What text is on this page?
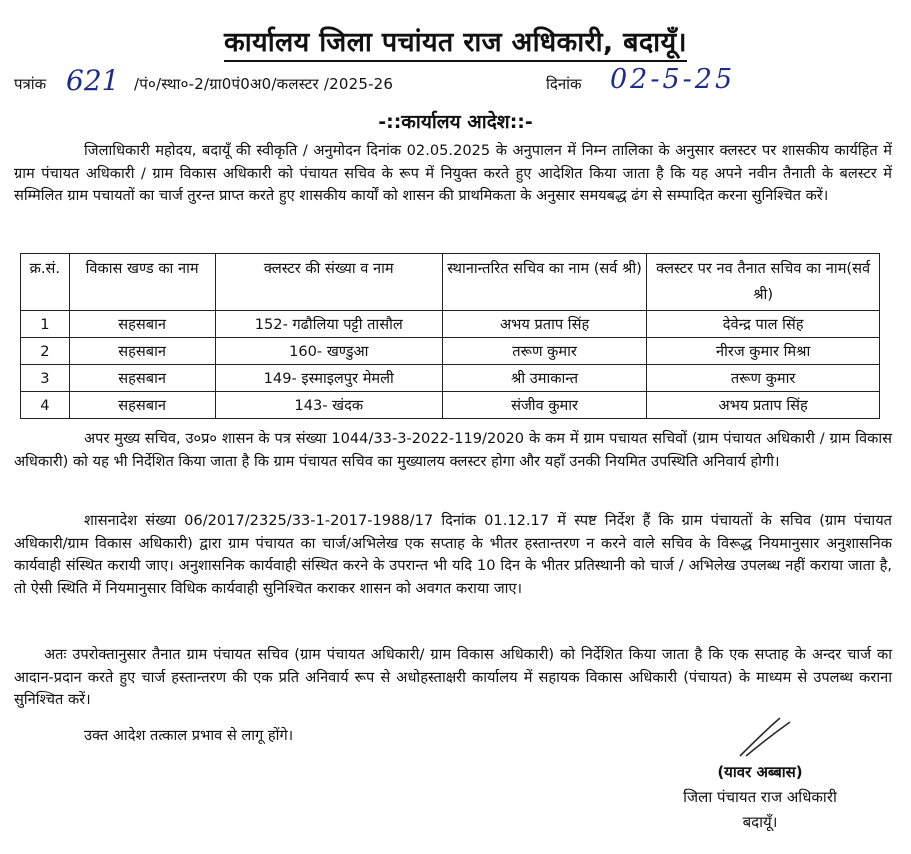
कार्यालय जिला पचांयत राज अधिकारी, बदायूँ।
पत्रांक 621 /पं०/स्था०-2/ग्रा0पं0अ0/कलस्टर /2025-26	दिनांक 02-5-25
-::कार्यालय आदेश::-
जिलाधिकारी महोदय, बदायूँ की स्वीकृति / अनुमोदन दिनांक 02.05.2025 के अनुपालन में निम्न तालिका के अनुसार क्लस्टर पर शासकीय कार्यहित में ग्राम पंचायत अधिकारी / ग्राम विकास अधिकारी को पंचायत सचिव के रूप में नियुक्त करते हुए आदेशित किया जाता है कि यह अपने नवीन तैनाती के बलस्टर में सम्मिलित ग्राम पचायतों का चार्ज तुरन्त प्राप्त करते हुए शासकीय कार्यों को शासन की प्राथमिकता के अनुसार समयबद्ध ढंग से सम्पादित करना सुनिश्चित करें।
क्र.सं.	विकास खण्ड का नाम	क्लस्टर की संख्या व नाम	स्थानान्तरित सचिव का नाम (सर्व श्री)	क्लस्टर पर नव तैनात सचिव का नाम(सर्व श्री)
1	सहसबान	152- गढौलिया पट्टी तासौल	अभय प्रताप सिंह	देवेन्द्र पाल सिंह
2	सहसबान	160- खण्डुआ	तरूण कुमार	नीरज कुमार मिश्रा
3	सहसबान	149- इस्माइलपुर मेमली	श्री उमाकान्त	तरूण कुमार
4	सहसबान	143- खंदक	संजीव कुमार	अभय प्रताप सिंह
अपर मुख्य सचिव, उ०प्र० शासन के पत्र संख्या 1044/33-3-2022-119/2020 के कम में ग्राम पचायत सचिवों (ग्राम पंचायत अधिकारी / ग्राम विकास अधिकारी) को यह भी निर्देशित किया जाता है कि ग्राम पंचायत सचिव का मुख्यालय क्लस्टर होगा और यहाँ उनकी नियमित उपस्थिति अनिवार्य होगी।
शासनादेश संख्या 06/2017/2325/33-1-2017-1988/17 दिनांक 01.12.17 में स्पष्ट निर्देश हैं कि ग्राम पंचायतों के सचिव (ग्राम पंचायत अधिकारी/ग्राम विकास अधिकारी) द्वारा ग्राम पंचायत का चार्ज/अभिलेख एक सप्ताह के भीतर हस्तान्तरण न करने वाले सचिव के विरूद्ध नियमानुसार अनुशासनिक कार्यवाही संस्थित करायी जाए। अनुशासनिक कार्यवाही संस्थित करने के उपरान्त भी यदि 10 दिन के भीतर प्रतिस्थानी को चार्ज / अभिलेख उपलब्ध नहीं कराया जाता है, तो ऐसी स्थिति में नियमानुसार विधिक कार्यवाही सुनिश्चित कराकर शासन को अवगत कराया जाए।
अतः उपरोक्तानुसार तैनात ग्राम पंचायत सचिव (ग्राम पंचायत अधिकारी/ ग्राम विकास अधिकारी) को निर्देशित किया जाता है कि एक सप्ताह के अन्दर चार्ज का आदान-प्रदान करते हुए चार्ज हस्तान्तरण की एक प्रति अनिवार्य रूप से अधोहस्ताक्षरी कार्यालय में सहायक विकास अधिकारी (पंचायत) के माध्यम से उपलब्ध कराना सुनिश्चित करें।
उक्त आदेश तत्काल प्रभाव से लागू होंगे।
(यावर अब्बास)
जिला पंचायत राज अधिकारी
बदायूँ।
